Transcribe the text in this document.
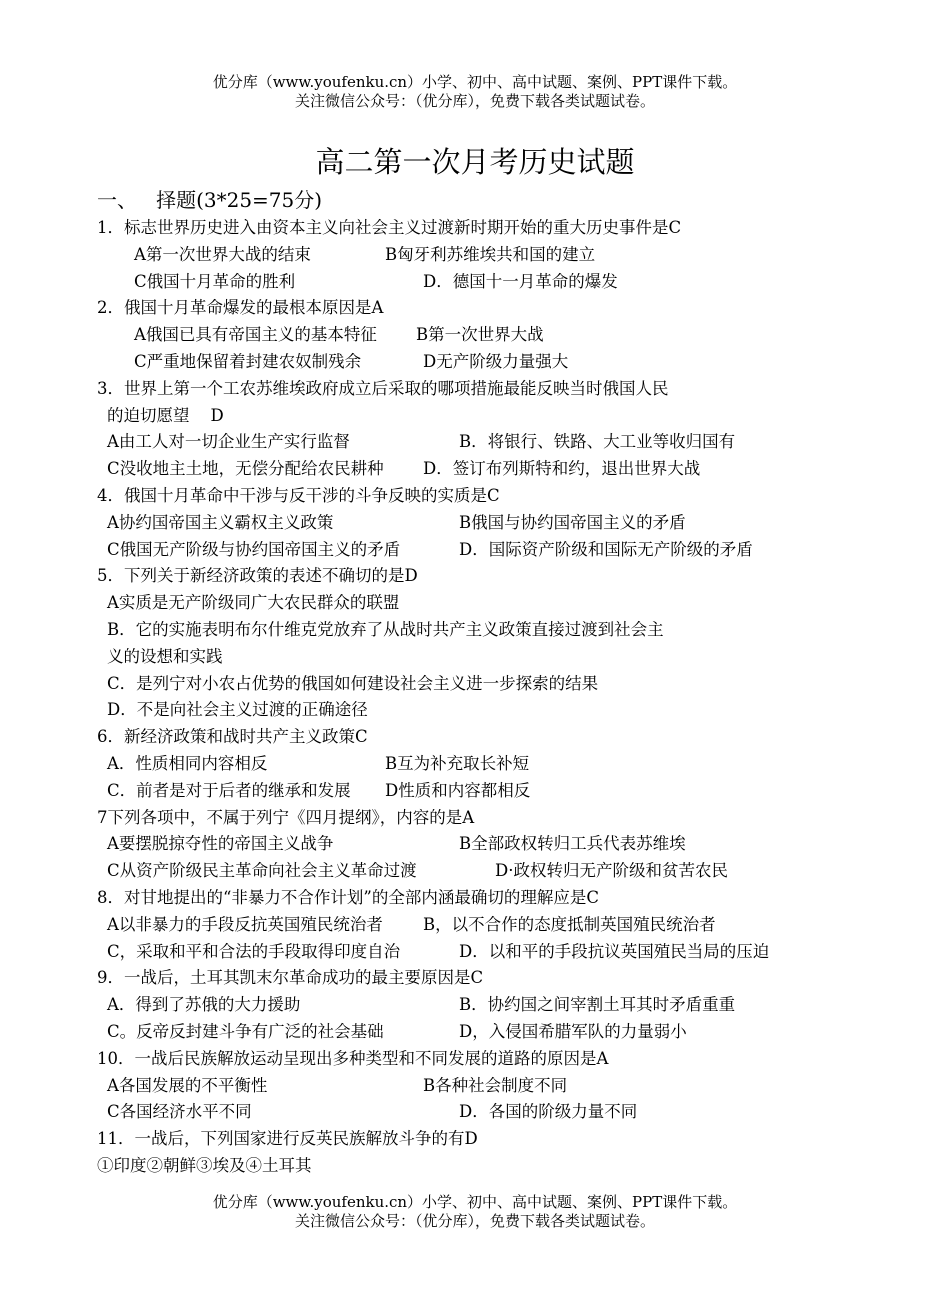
优分库（www.youfenku.cn）小学、初中、高中试题、案例、PPT课件下载。
关注微信公众号：（优分库），免费下载各类试题试卷。
高二第一次月考历史试题
一、   择题(3*25=75分)
1．标志世界历史进入由资本主义向社会主义过渡新时期开始的重大历史事件是C
A第一次世界大战的结束	B匈牙利苏维埃共和国的建立
C俄国十月革命的胜利	D．德国十一月革命的爆发
2．俄国十月革命爆发的最根本原因是A
A俄国已具有帝国主义的基本特征 B第一次世界大战
C严重地保留着封建农奴制残余	D无产阶级力量强大
3．世界上第一个工农苏维埃政府成立后采取的哪项措施最能反映当时俄国人民
的迫切愿望    D
A由工人对一切企业生产实行监督	B．将银行、铁路、大工业等收归国有
C没收地主土地，无偿分配给农民耕种 D．签订布列斯特和约，退出世界大战
4．俄国十月革命中干涉与反干涉的斗争反映的实质是C
A协约国帝国主义霸权主义政策	B俄国与协约国帝国主义的矛盾
C俄国无产阶级与协约国帝国主义的矛盾	D．国际资产阶级和国际无产阶级的矛盾
5．下列关于新经济政策的表述不确切的是D
A实质是无产阶级同广大农民群众的联盟
B．它的实施表明布尔什维克党放弃了从战时共产主义政策直接过渡到社会主
义的设想和实践
C．是列宁对小农占优势的俄国如何建设社会主义进一步探索的结果
D．不是向社会主义过渡的正确途径
6．新经济政策和战时共产主义政策C
A．性质相同内容相反	B互为补充取长补短
C．前者是对于后者的继承和发展 D性质和内容都相反
7下列各项中，不属于列宁《四月提纲》，内容的是A
A要摆脱掠夺性的帝国主义战争	B全部政权转归工兵代表苏维埃
C从资产阶级民主革命向社会主义革命过渡	D·政权转归无产阶级和贫苦农民
8．对甘地提出的“非暴力不合作计划”的全部内涵最确切的理解应是C
A以非暴力的手段反抗英国殖民统治者 B，以不合作的态度抵制英国殖民统治者
C，采取和平和合法的手段取得印度自治	D．以和平的手段抗议英国殖民当局的压迫
9．一战后，土耳其凯末尔革命成功的最主要原因是C
A．得到了苏俄的大力援助	B．协约国之间宰割土耳其时矛盾重重
C。反帝反封建斗争有广泛的社会基础	D，入侵国希腊军队的力量弱小
10．一战后民族解放运动呈现出多种类型和不同发展的道路的原因是A
A各国发展的不平衡性	B各种社会制度不同
C各国经济水平不同	D．各国的阶级力量不同
11．一战后，下列国家进行反英民族解放斗争的有D
①印度②朝鲜③埃及④土耳其
优分库（www.youfenku.cn）小学、初中、高中试题、案例、PPT课件下载。
关注微信公众号：（优分库），免费下载各类试题试卷。
